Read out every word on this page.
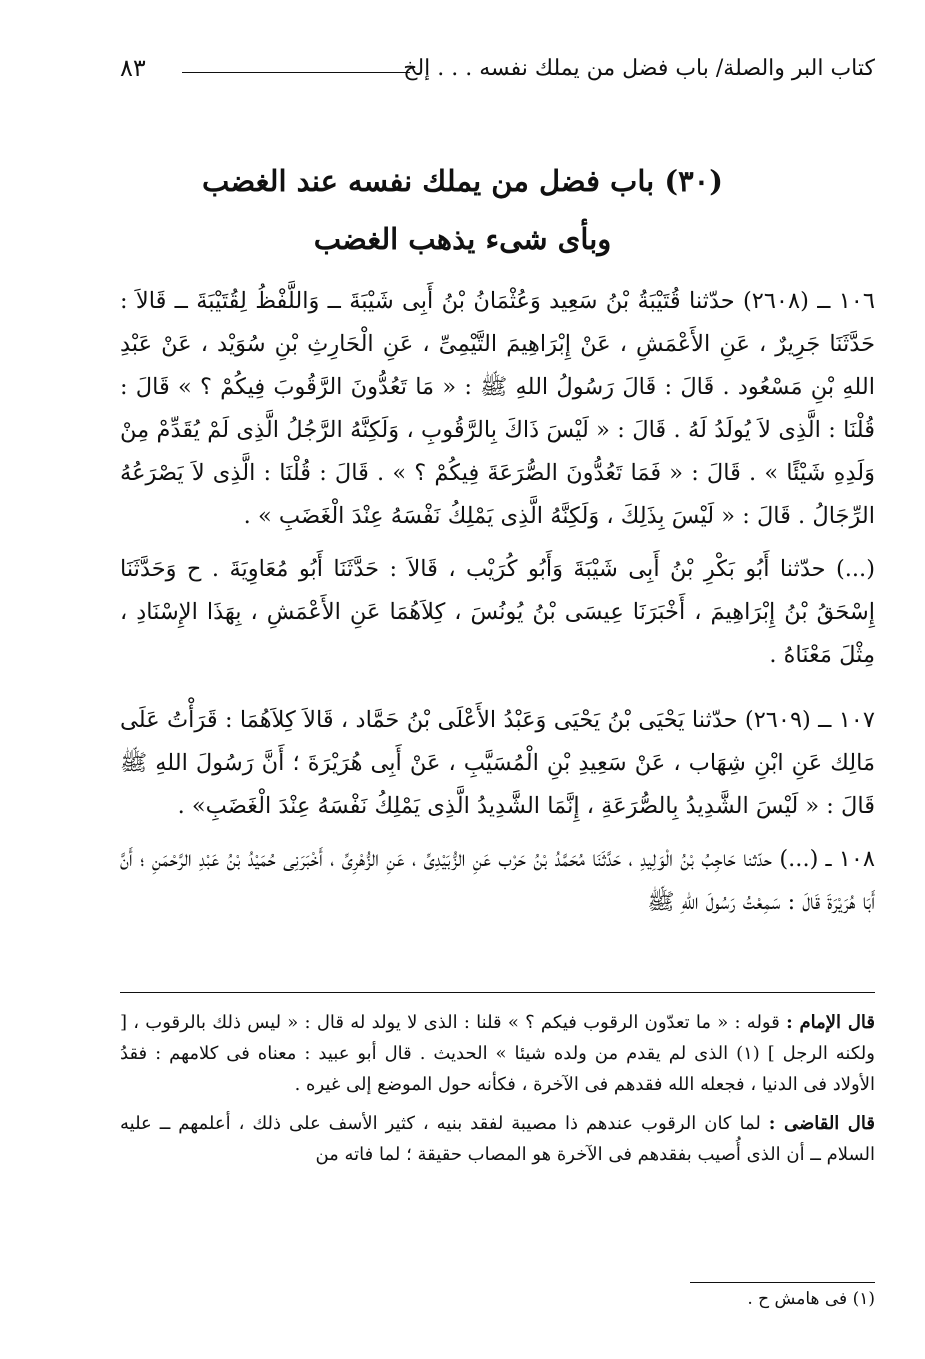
كتاب البر والصلة/ باب فضل من يملك نفسه . . . إلخ
٨٣
(٣٠) باب فضل من يملك نفسه عند الغضب
وبأى شىء يذهب الغضب

١٠٦ ــ (٢٦٠٨) حدّثنا قُتَيْبَةُ بْنُ سَعِيد وَعُثْمَانُ بْنُ أَبِى شَيْبَةَ ــ وَاللَّفْظُ لِقُتَيْبَةَ ــ قَالاَ : حَدَّثَنَا جَرِيرٌ ، عَنِ الأَعْمَشِ ، عَنْ إِبْرَاهِيمَ التَّيْمِىِّ ، عَنِ الْحَارِثِ بْنِ سُوَيْد ، عَنْ عَبْدِ اللهِ بْنِ مَسْعُود . قَالَ : قَالَ رَسُولُ اللهِ ﷺ : « مَا تَعُدُّونَ الرَّقُوبَ فِيكُمْ ؟ » قَالَ : قُلْنَا : الَّذِى لاَ يُولَدُ لَهُ . قَالَ : « لَيْسَ ذَاكَ بِالرَّقُوبِ ، وَلَكِنَّهُ الرَّجُلُ الَّذِى لَمْ يُقَدِّمْ مِنْ وَلَدِهِ شَيْئًا » . قَالَ : « فَمَا تَعُدُّونَ الصُّرَعَةَ فِيكُمْ ؟ » . قَالَ : قُلْنَا : الَّذِى لاَ يَصْرَعُهُ الرِّجَالُ . قَالَ : « لَيْسَ بِذَلِكَ ، وَلَكِنَّهُ الَّذِى يَمْلِكُ نَفْسَهُ عِنْدَ الْغَضَبِ » .

(...) حدّثنا أَبُو بَكْرِ بْنُ أَبِى شَيْبَةَ وَأَبُو كُرَيْب ، قَالاَ : حَدَّثَنَا أَبُو مُعَاوِيَةَ . ح وَحَدَّثَنَا إِسْحَقُ بْنُ إِبْرَاهِيمَ ، أَخْبَرَنَا عِيسَى بْنُ يُونُسَ ، كِلاَهُمَا عَنِ الأَعْمَشِ ، بِهَذَا الإِسْنَادِ ، مِثْلَ مَعْنَاهُ .

١٠٧ ــ (٢٦٠٩) حدّثنا يَحْيَى بْنُ يَحْيَى وَعَبْدُ الأَعْلَى بْنُ حَمَّاد ، قَالاَ كِلاَهُمَا : قَرَأْتُ عَلَى مَالِك عَنِ ابْنِ شِهَاب ، عَنْ سَعِيدِ بْنِ الْمُسَيَّبِ ، عَنْ أَبِى هُرَيْرَةَ ؛ أَنَّ رَسُولَ اللهِ ﷺ قَالَ : « لَيْسَ الشَّدِيدُ بِالصُّرَعَةِ ، إِنَّمَا الشَّدِيدُ الَّذِى يَمْلِكُ نَفْسَهُ عِنْدَ الْغَضَبِ» .

١٠٨ ــ (...) حدّثنا حَاجِبُ بْنُ الْوَلِيدِ ، حَدَّثَنَا مُحَمَّدُ بْنُ حَرْب عَنِ الزُّبَيْدِىِّ ، عَنِ الزُّهْرِىِّ ، أَخْبَرَنِى حُمَيْدُ بْنُ عَبْدِ الرَّحْمَنِ ؛ أَنَّ أَبَا هُرَيْرَةَ قَالَ : سَمِعْتُ رَسُولَ اللهِ ﷺ

قال الإمام : قوله : « ما تعدّون الرقوب فيكم ؟ » قلنا : الذى لا يولد له قال : « ليس ذلك بالرقوب ، [ ولكنه الرجل ] (١) الذى لم يقدم من ولده شيئا » الحديث . قال أبو عبيد : معناه فى كلامهم : فقدُ الأولاد فى الدنيا ، فجعله الله فقدهم فى الآخرة ، فكأنه حول الموضع إلى غيره .

قال القاضى : لما كان الرقوب عندهم ذا مصيبة لفقد بنيه ، كثير الأسف على ذلك ، أعلمهم ــ عليه السلام ــ أن الذى أُصيب بفقدهم فى الآخرة هو المصاب حقيقة ؛ لما فاته من

(١) فى هامش ح .
